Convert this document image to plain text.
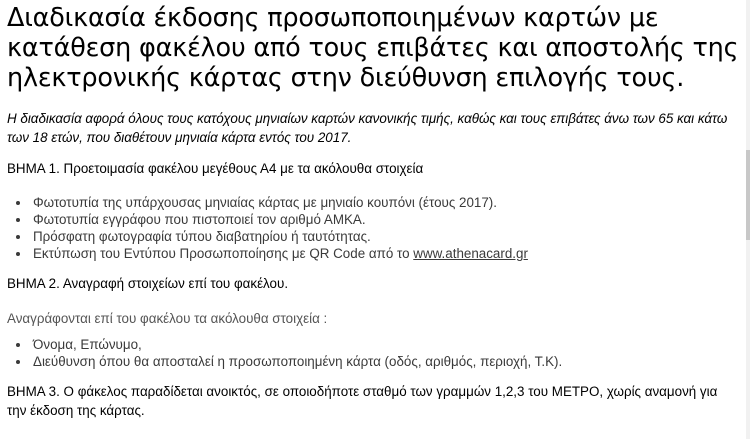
Διαδικασία έκδοσης προσωποποιημένων καρτών με κατάθεση φακέλου από τους επιβάτες και αποστολής της ηλεκτρονικής κάρτας στην διεύθυνση επιλογής τους.

Η διαδικασία αφορά όλους τους κατόχους μηνιαίων καρτών κανονικής τιμής, καθώς και τους επιβάτες άνω των 65 και κάτω των 18 ετών, που διαθέτουν μηνιαία κάρτα εντός του 2017.

ΒΗΜΑ 1. Προετοιμασία φακέλου μεγέθους Α4 με τα ακόλουθα στοιχεία

• Φωτοτυπία της υπάρχουσας μηνιαίας κάρτας με μηνιαίο κουπόνι (έτους 2017).
• Φωτοτυπία εγγράφου που πιστοποιεί τον αριθμό ΑΜΚΑ.
• Πρόσφατη φωτογραφία τύπου διαβατηρίου ή ταυτότητας.
• Εκτύπωση του Εντύπου Προσωποποίησης με QR Code από το www.athenacard.gr

ΒΗΜΑ 2. Αναγραφή στοιχείων επί του φακέλου.

Αναγράφονται επί του φακέλου τα ακόλουθα στοιχεία :

• Όνομα, Επώνυμο,
• Διεύθυνση όπου θα αποσταλεί η προσωποποιημένη κάρτα (οδός, αριθμός, περιοχή, Τ.Κ).

ΒΗΜΑ 3. Ο φάκελος παραδίδεται ανοικτός, σε οποιοδήποτε σταθμό των γραμμών 1,2,3 του ΜΕΤΡΟ, χωρίς αναμονή για την έκδοση της κάρτας.
